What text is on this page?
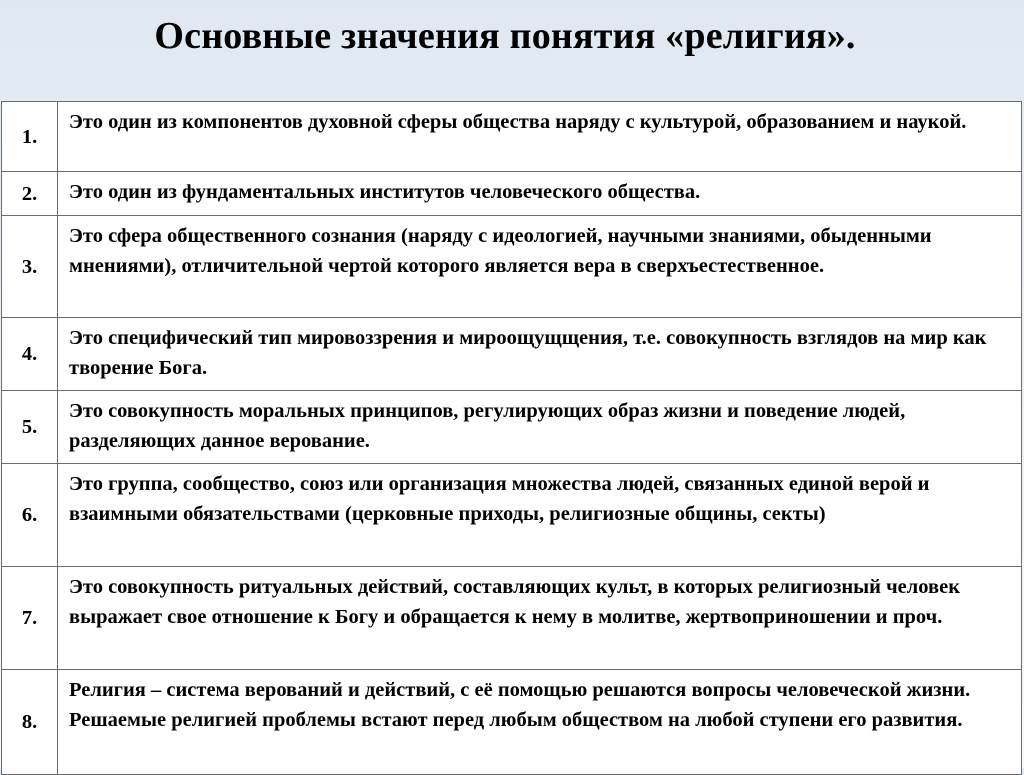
Основные значения понятия «религия».
1.	Это один из компонентов духовной сферы общества наряду с культурой, образованием и наукой.
2.	Это один из фундаментальных институтов человеческого общества.
3.	Это сфера общественного сознания (наряду с идеологией, научными знаниями, обыденными мнениями), отличительной чертой которого является вера в сверхъестественное.
4.	Это специфический тип мировоззрения и мироощущщения, т.е. совокупность взглядов на мир как творение Бога.
5.	Это совокупность моральных принципов, регулирующих образ жизни и поведение людей, разделяющих данное верование.
6.	Это группа, сообщество, союз или организация множества людей, связанных единой верой и взаимными обязательствами (церковные приходы, религиозные общины, секты)
7.	Это совокупность ритуальных действий, составляющих культ, в которых религиозный человек выражает свое отношение к Богу и обращается к нему в молитве, жертвоприношении и проч.
8.	Религия – система верований и действий, с её помощью решаются вопросы человеческой жизни. Решаемые религией проблемы встают перед любым обществом на любой ступени его развития.
